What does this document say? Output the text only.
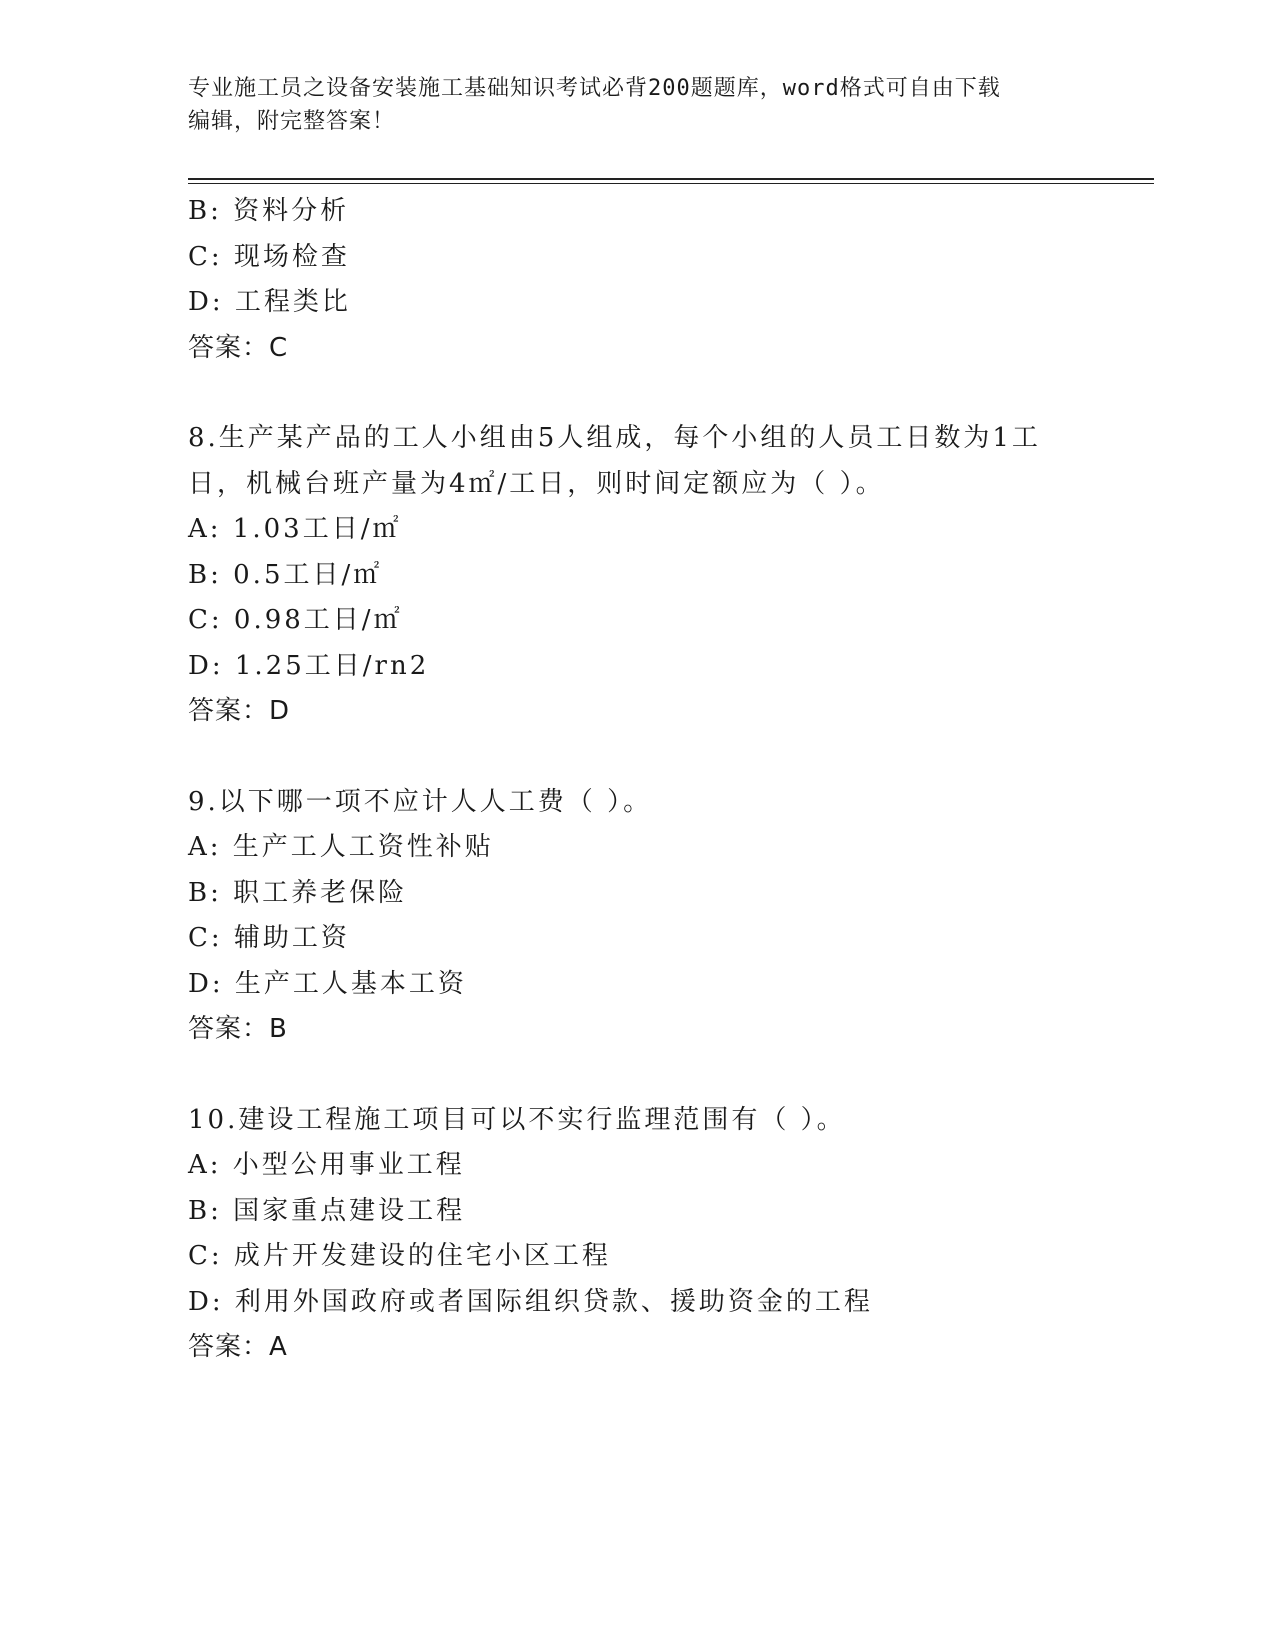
专业施工员之设备安装施工基础知识考试必背200题题库，word格式可自由下载
编辑，附完整答案！
B: 资料分析
C: 现场检查
D: 工程类比
答案：C
8.生产某产品的工人小组由5人组成，每个小组的人员工日数为1工
日，机械台班产量为4㎡/工日，则时间定额应为（ ）。
A: 1.03工日/㎡
B: 0.5工日/㎡
C: 0.98工日/㎡
D: 1.25工日/rn2
答案：D
9.以下哪一项不应计人人工费（ ）。
A: 生产工人工资性补贴
B: 职工养老保险
C: 辅助工资
D: 生产工人基本工资
答案：B
10.建设工程施工项目可以不实行监理范围有（ ）。
A: 小型公用事业工程
B: 国家重点建设工程
C: 成片开发建设的住宅小区工程
D: 利用外国政府或者国际组织贷款、援助资金的工程
答案：A
